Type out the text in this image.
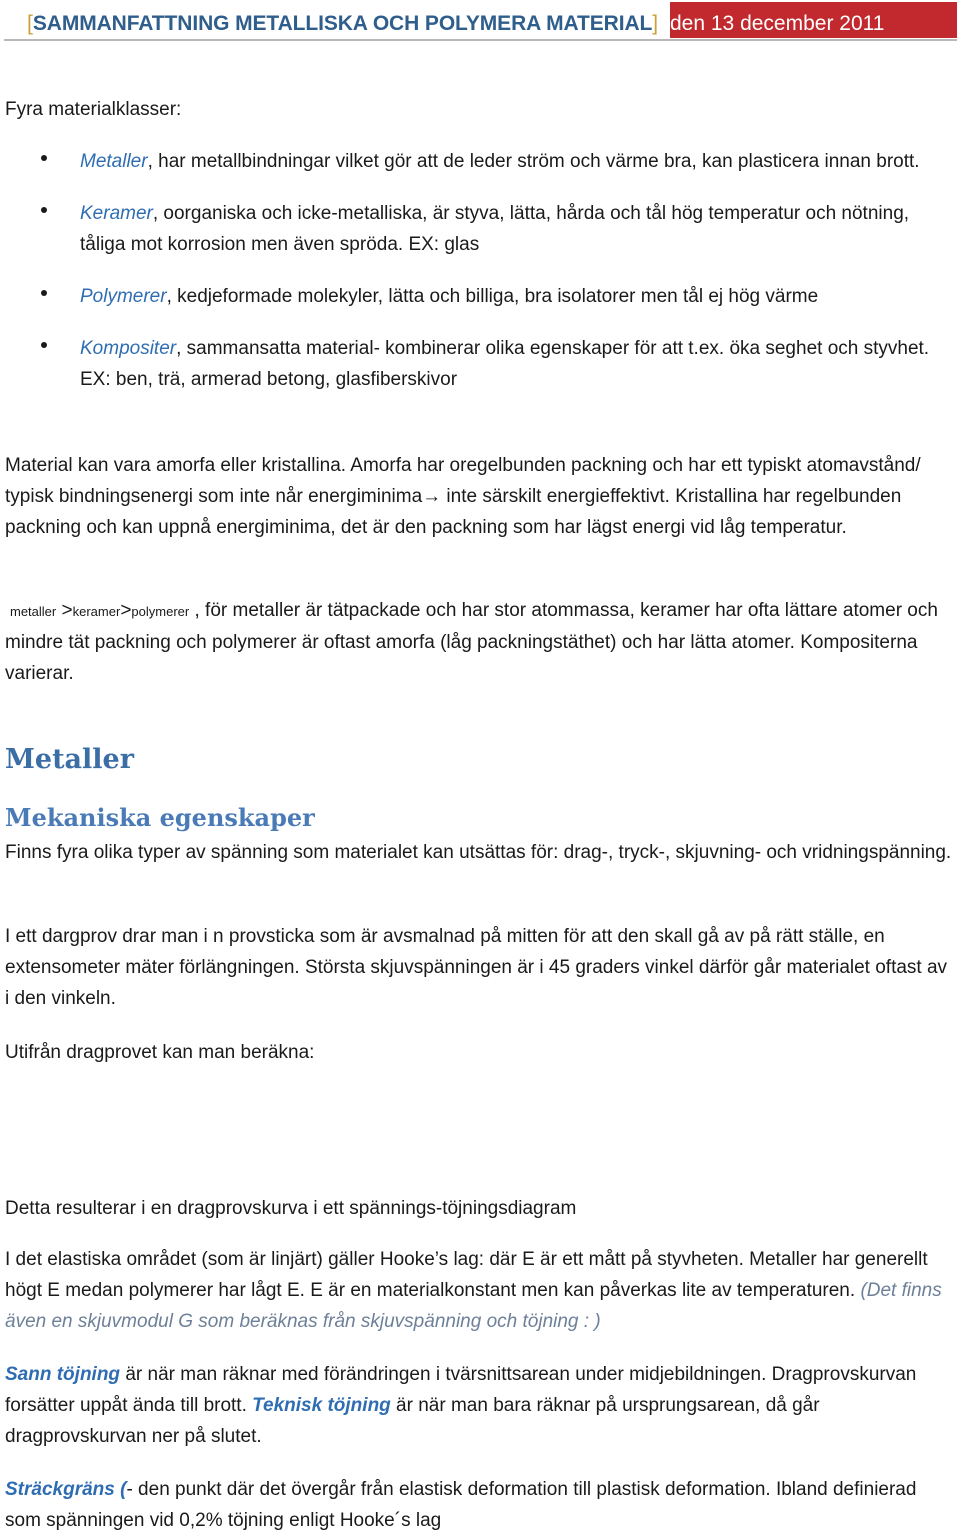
[SAMMANFATTNING METALLISKA OCH POLYMERA MATERIAL] den 13 december 2011
Fyra materialklasser:
Metaller, har metallbindningar vilket gör att de leder ström och värme bra, kan plasticera innan brott.
Keramer, oorganiska och icke-metalliska, är styva, lätta, hårda och tål hög temperatur och nötning, tåliga mot korrosion men även spröda. EX: glas
Polymerer, kedjeformade molekyler, lätta och billiga, bra isolatorer men tål ej hög värme
Kompositer, sammansatta material- kombinerar olika egenskaper för att t.ex. öka seghet och styvhet. EX: ben, trä, armerad betong, glasfiberskivor
Material kan vara amorfa eller kristallina. Amorfa har oregelbunden packning och har ett typiskt atomavstånd/ typisk bindningsenergi som inte når energiminima→ inte särskilt energieffektivt. Kristallina har regelbunden packning och kan uppnå energiminima, det är den packning som har lägst energi vid låg temperatur.
metaller >keramer>polymerer , för metaller är tätpackade och har stor atommassa, keramer har ofta lättare atomer och mindre tät packning och polymerer är oftast amorfa (låg packningstäthet) och har lätta atomer. Kompositerna varierar.
Metaller
Mekaniska egenskaper
Finns fyra olika typer av spänning som materialet kan utsättas för: drag-, tryck-, skjuvning- och vridningspänning.
I ett dargprov drar man i n provsticka som är avsmalnad på mitten för att den skall gå av på rätt ställe, en extensometer mäter förlängningen. Största skjuvspänningen är i 45 graders vinkel därför går materialet oftast av i den vinkeln.
Utifrån dragprovet kan man beräkna:
Detta resulterar i en dragprovskurva i ett spännings-töjningsdiagram
I det elastiska området (som är linjärt) gäller Hooke’s lag: där E är ett mått på styvheten. Metaller har generellt högt E medan polymerer har lågt E. E är en materialkonstant men kan påverkas lite av temperaturen. (Det finns även en skjuvmodul G som beräknas från skjuvspänning och töjning : )
Sann töjning är när man räknar med förändringen i tvärsnittsarean under midjebildningen. Dragprovskurvan forsätter uppåt ända till brott. Teknisk töjning är när man bara räknar på ursprungsarean, då går dragprovskurvan ner på slutet.
Sträckgräns (- den punkt där det övergår från elastisk deformation till plastisk deformation. Ibland definierad som spänningen vid 0,2% töjning enligt Hooke´s lag
